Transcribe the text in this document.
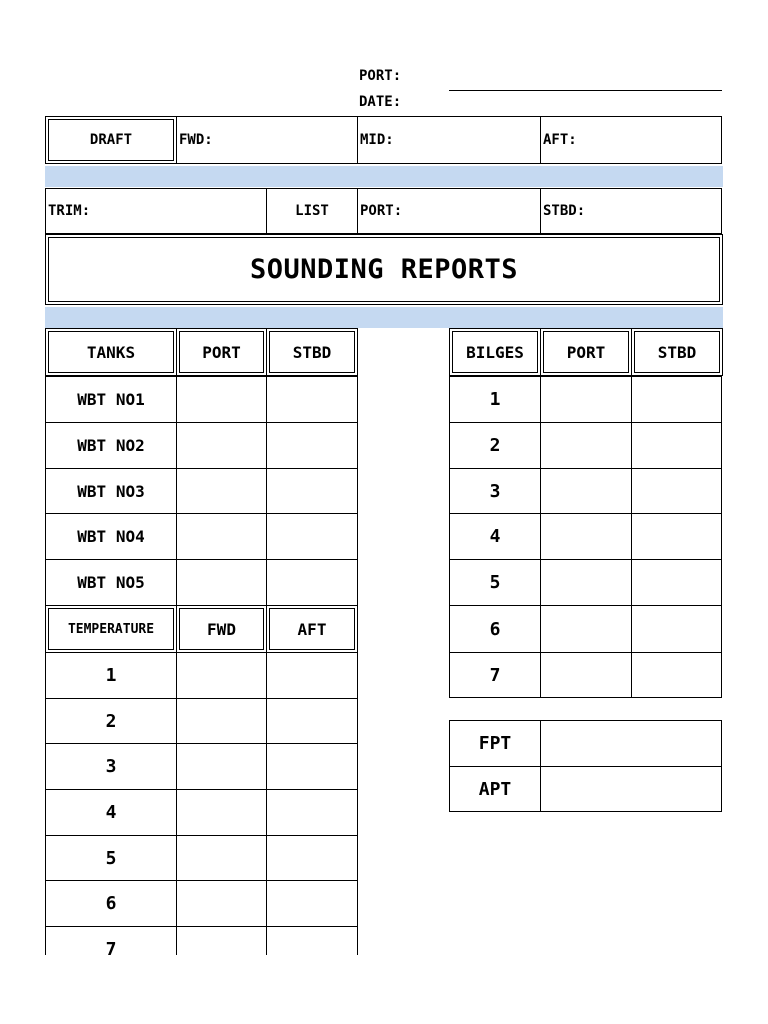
PORT:
DATE:
DRAFT	FWD:	MID:	AFT:
TRIM:	LIST	PORT:	STBD:
SOUNDING REPORTS
TANKS	PORT	STBD
WBT NO1
WBT NO2
WBT NO3
WBT NO4
WBT NO5
TEMPERATURE	FWD	AFT
1
2
3
4
5
6
7
BILGES	PORT	STBD
1
2
3
4
5
6
7
FPT
APT
